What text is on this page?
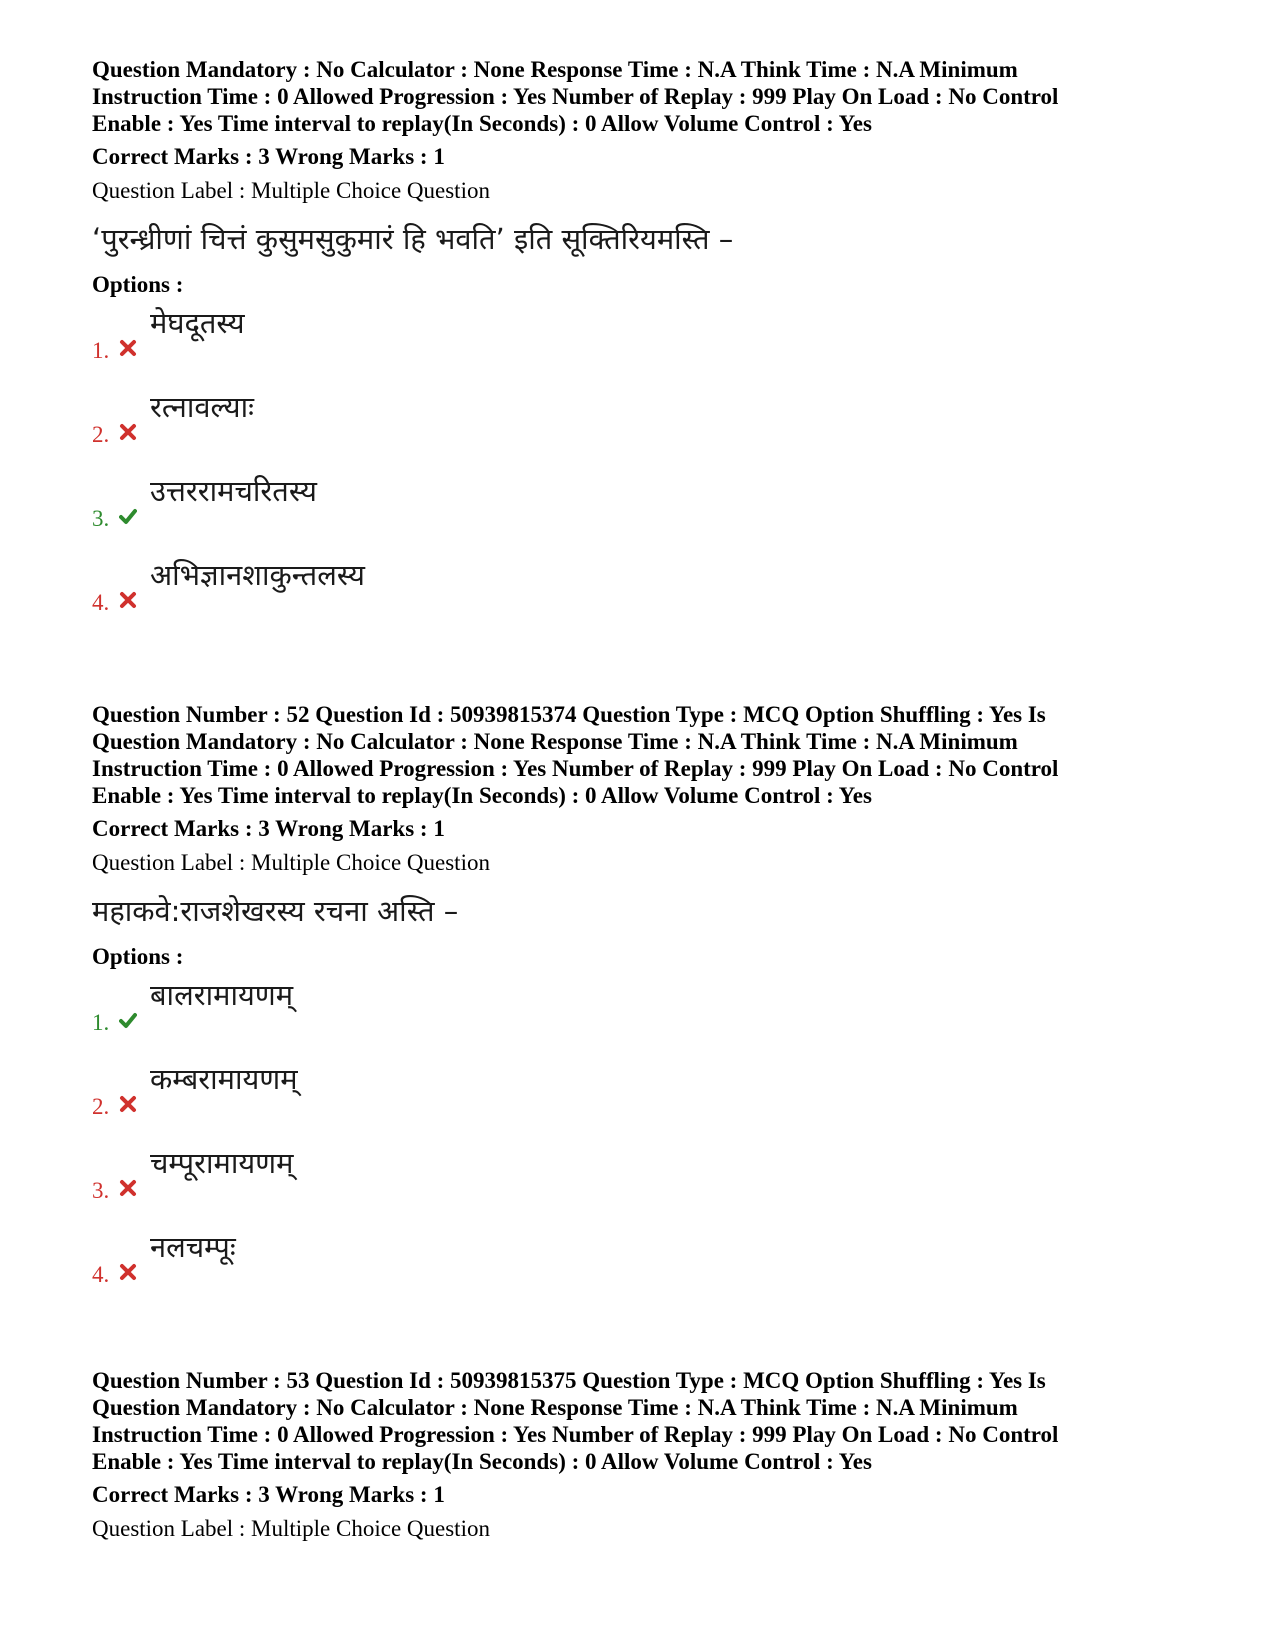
Question Mandatory : No Calculator : None Response Time : N.A Think Time : N.A Minimum

Instruction Time : 0 Allowed Progression : Yes Number of Replay : 999 Play On Load : No Control

Enable : Yes Time interval to replay(In Seconds) : 0 Allow Volume Control : Yes

Correct Marks : 3 Wrong Marks : 1

Question Label : Multiple Choice Question

‘पुरन्ध्रीणां चित्तं कुसुमसुकुमारं हि भवति’ इति सूक्तिरियमस्ति –

Options :

1.
मेघदूतस्य
2.
रत्नावल्याः
3.
उत्तररामचरितस्य
4.
अभिज्ञानशाकुन्तलस्य

Question Number : 52 Question Id : 50939815374 Question Type : MCQ Option Shuffling : Yes Is

Question Mandatory : No Calculator : None Response Time : N.A Think Time : N.A Minimum

Instruction Time : 0 Allowed Progression : Yes Number of Replay : 999 Play On Load : No Control

Enable : Yes Time interval to replay(In Seconds) : 0 Allow Volume Control : Yes

Correct Marks : 3 Wrong Marks : 1

Question Label : Multiple Choice Question

महाकवे:राजशेखरस्य रचना अस्ति –

Options :

1.
बालरामायणम्
2.
कम्बरामायणम्
3.
चम्पूरामायणम्
4.
नलचम्पूः

Question Number : 53 Question Id : 50939815375 Question Type : MCQ Option Shuffling : Yes Is

Question Mandatory : No Calculator : None Response Time : N.A Think Time : N.A Minimum

Instruction Time : 0 Allowed Progression : Yes Number of Replay : 999 Play On Load : No Control

Enable : Yes Time interval to replay(In Seconds) : 0 Allow Volume Control : Yes

Correct Marks : 3 Wrong Marks : 1

Question Label : Multiple Choice Question
